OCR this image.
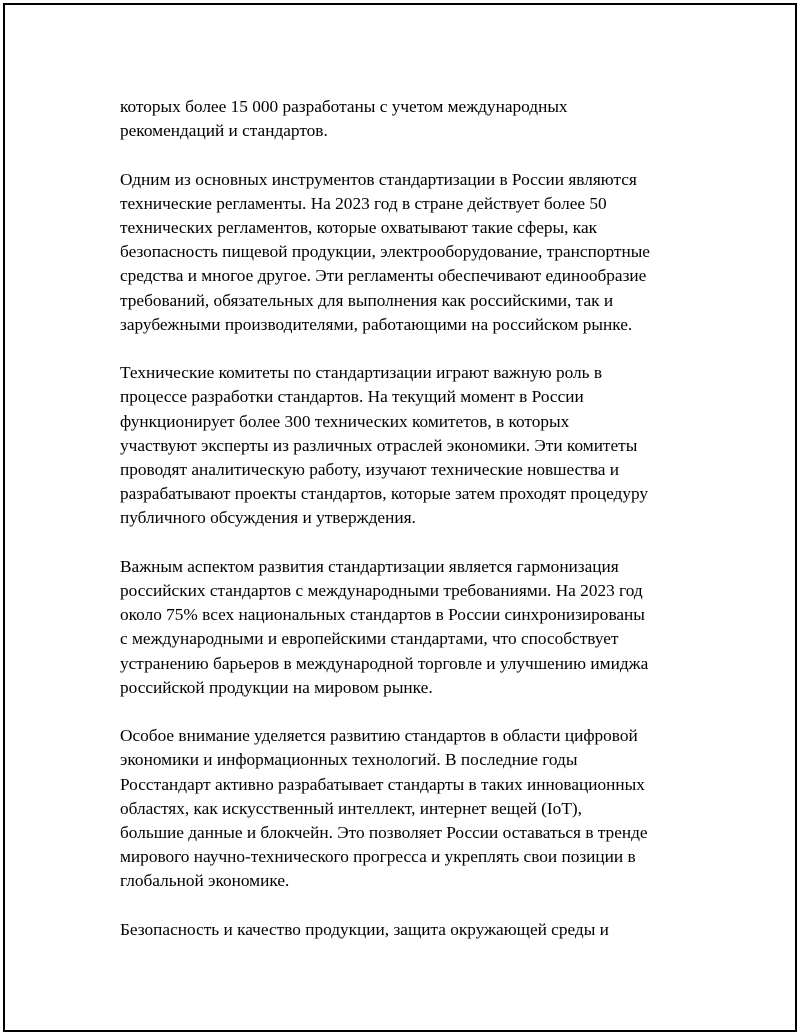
которых более 15 000 разработаны с учетом международных
рекомендаций и стандартов.

Одним из основных инструментов стандартизации в России являются
технические регламенты. На 2023 год в стране действует более 50
технических регламентов, которые охватывают такие сферы, как
безопасность пищевой продукции, электрооборудование, транспортные
средства и многое другое. Эти регламенты обеспечивают единообразие
требований, обязательных для выполнения как российскими, так и
зарубежными производителями, работающими на российском рынке.

Технические комитеты по стандартизации играют важную роль в
процессе разработки стандартов. На текущий момент в России
функционирует более 300 технических комитетов, в которых
участвуют эксперты из различных отраслей экономики. Эти комитеты
проводят аналитическую работу, изучают технические новшества и
разрабатывают проекты стандартов, которые затем проходят процедуру
публичного обсуждения и утверждения.

Важным аспектом развития стандартизации является гармонизация
российских стандартов с международными требованиями. На 2023 год
около 75% всех национальных стандартов в России синхронизированы
с международными и европейскими стандартами, что способствует
устранению барьеров в международной торговле и улучшению имиджа
российской продукции на мировом рынке.

Особое внимание уделяется развитию стандартов в области цифровой
экономики и информационных технологий. В последние годы
Росстандарт активно разрабатывает стандарты в таких инновационных
областях, как искусственный интеллект, интернет вещей (IoT),
большие данные и блокчейн. Это позволяет России оставаться в тренде
мирового научно-технического прогресса и укреплять свои позиции в
глобальной экономике.

Безопасность и качество продукции, защита окружающей среды и
